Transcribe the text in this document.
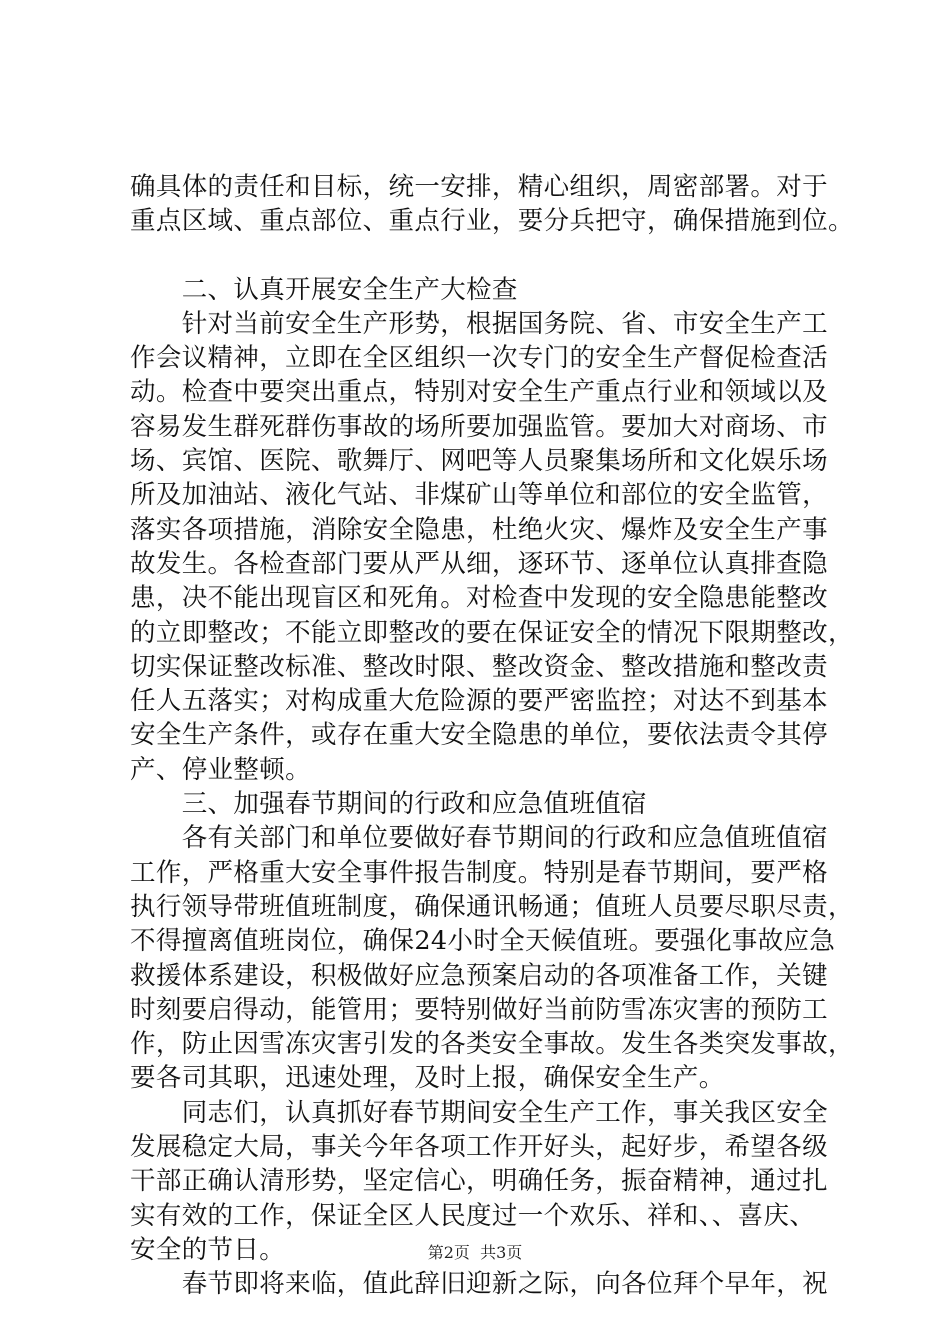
确具体的责任和目标，统一安排，精心组织，周密部署。对于
重点区域、重点部位、重点行业，要分兵把守，确保措施到位。
　　二、认真开展安全生产大检查
　　针对当前安全生产形势，根据国务院、省、市安全生产工
作会议精神，立即在全区组织一次专门的安全生产督促检查活
动。检查中要突出重点，特别对安全生产重点行业和领域以及
容易发生群死群伤事故的场所要加强监管。要加大对商场、市
场、宾馆、医院、歌舞厅、网吧等人员聚集场所和文化娱乐场
所及加油站、液化气站、非煤矿山等单位和部位的安全监管，
落实各项措施，消除安全隐患，杜绝火灾、爆炸及安全生产事
故发生。各检查部门要从严从细，逐环节、逐单位认真排查隐
患，决不能出现盲区和死角。对检查中发现的安全隐患能整改
的立即整改；不能立即整改的要在保证安全的情况下限期整改，
切实保证整改标准、整改时限、整改资金、整改措施和整改责
任人五落实；对构成重大危险源的要严密监控；对达不到基本
安全生产条件，或存在重大安全隐患的单位，要依法责令其停
产、停业整顿。
　　三、加强春节期间的行政和应急值班值宿
　　各有关部门和单位要做好春节期间的行政和应急值班值宿
工作，严格重大安全事件报告制度。特别是春节期间，要严格
执行领导带班值班制度，确保通讯畅通；值班人员要尽职尽责，
不得擅离值班岗位，确保24小时全天候值班。要强化事故应急
救援体系建设，积极做好应急预案启动的各项准备工作，关键
时刻要启得动，能管用；要特别做好当前防雪冻灾害的预防工
作，防止因雪冻灾害引发的各类安全事故。发生各类突发事故，
要各司其职，迅速处理，及时上报，确保安全生产。
　　同志们，认真抓好春节期间安全生产工作，事关我区安全
发展稳定大局，事关今年各项工作开好头，起好步，希望各级
干部正确认清形势，坚定信心，明确任务，振奋精神，通过扎
实有效的工作，保证全区人民度过一个欢乐、祥和、、喜庆、
安全的节日。
　　春节即将来临，值此辞旧迎新之际，向各位拜个早年，祝
第2页  共3页
